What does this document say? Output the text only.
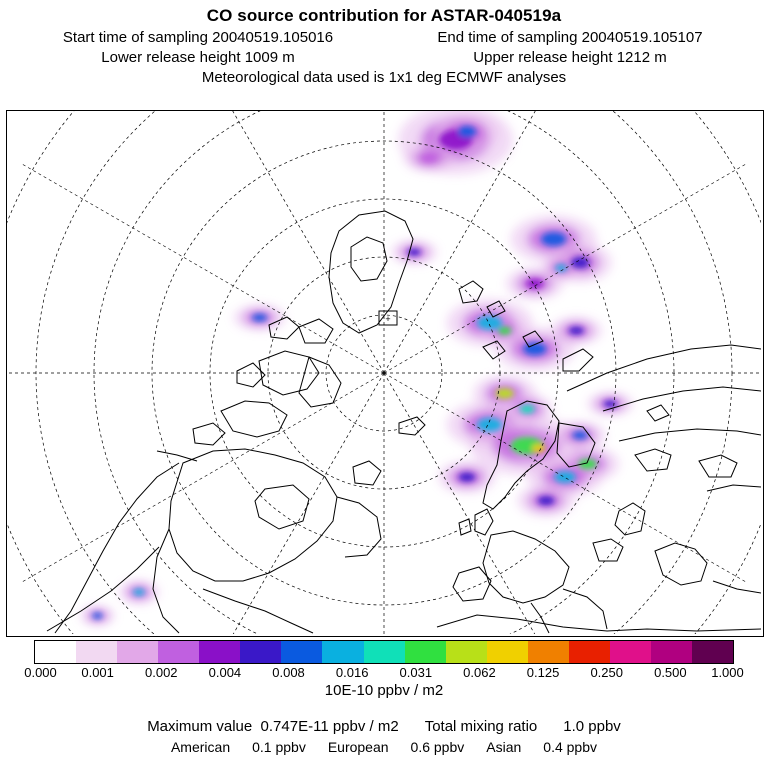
CO source contribution for ASTAR-040519a
Start time of sampling 20040519.105016	End time of sampling 20040519.105107
Lower release height 1009 m	Upper release height 1212 m
Meteorological data used is 1x1 deg ECMWF analyses
+
0.000 0.001 0.002 0.004 0.008 0.016 0.031 0.062 0.125 0.250 0.500 1.000
10E-10 ppbv / m2
Maximum value  0.747E-11 ppbv / m2 Total mixing ratio 1.0 ppbv
American 0.1 ppbv European 0.6 ppbv Asian 0.4 ppbv
